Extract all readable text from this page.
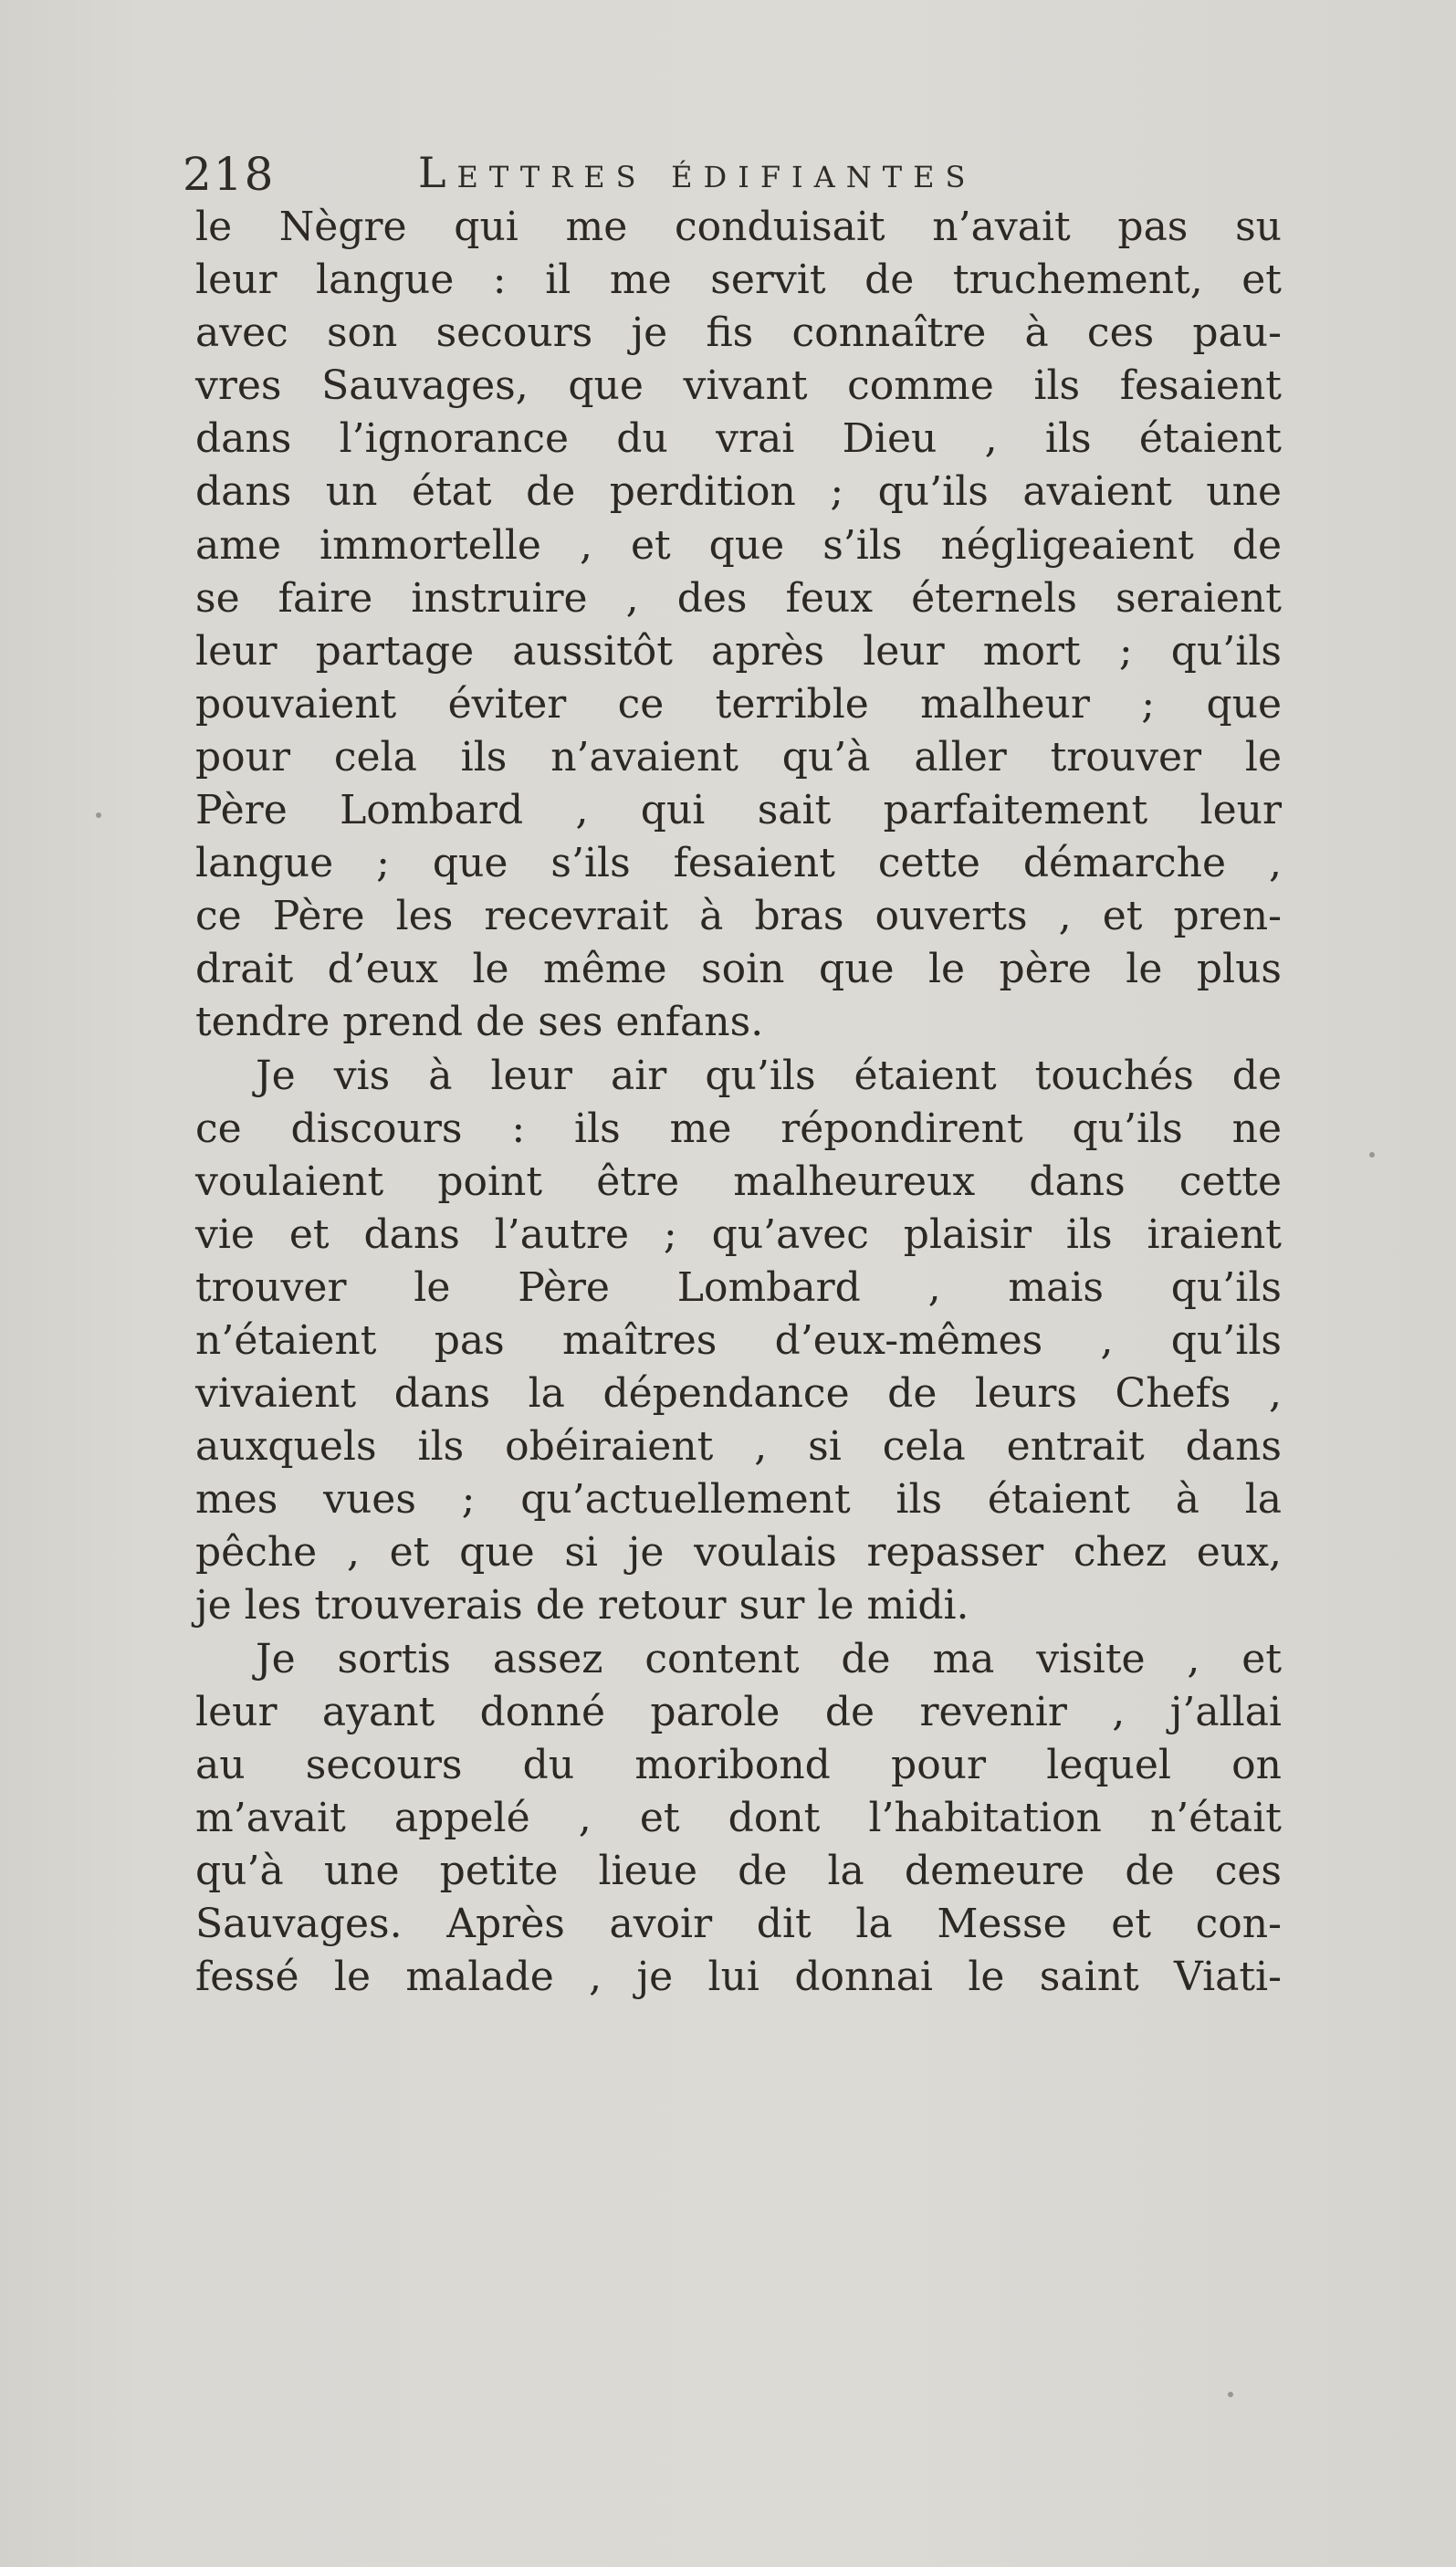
218	Lettres édifiantes
le Nègre qui me conduisait n’avait pas su
leur langue : il me servit de truchement, et
avec son secours je fis connaître à ces pau-
vres Sauvages, que vivant comme ils fesaient
dans l’ignorance du vrai Dieu , ils étaient
dans un état de perdition ; qu’ils avaient une
ame immortelle , et que s’ils négligeaient de
se faire instruire , des feux éternels seraient
leur partage aussitôt après leur mort ; qu’ils
pouvaient éviter ce terrible malheur ; que
pour cela ils n’avaient qu’à aller trouver le
Père Lombard , qui sait parfaitement leur
langue ; que s’ils fesaient cette démarche ,
ce Père les recevrait à bras ouverts , et pren-
drait d’eux le même soin que le père le plus
tendre prend de ses enfans.
Je vis à leur air qu’ils étaient touchés de
ce discours : ils me répondirent qu’ils ne
voulaient point être malheureux dans cette
vie et dans l’autre ; qu’avec plaisir ils iraient
trouver le Père Lombard , mais qu’ils
n’étaient pas maîtres d’eux-mêmes , qu’ils
vivaient dans la dépendance de leurs Chefs ,
auxquels ils obéiraient , si cela entrait dans
mes vues ; qu’actuellement ils étaient à la
pêche , et que si je voulais repasser chez eux,
je les trouverais de retour sur le midi.
Je sortis assez content de ma visite , et
leur ayant donné parole de revenir , j’allai
au secours du moribond pour lequel on
m’avait appelé , et dont l’habitation n’était
qu’à une petite lieue de la demeure de ces
Sauvages. Après avoir dit la Messe et con-
fessé le malade , je lui donnai le saint Viati-
